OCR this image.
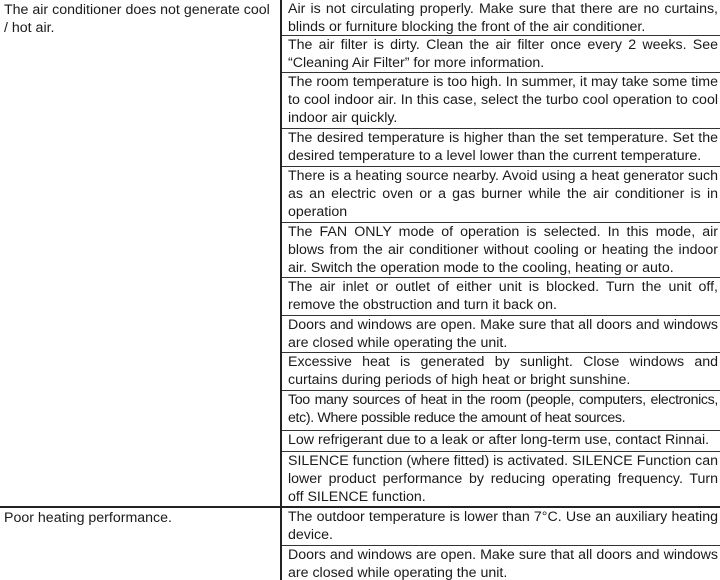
The air conditioner does not generate cool / hot air.
Air is not circulating properly. Make sure that there are no curtains, blinds or furniture blocking the front of the air conditioner.
The air filter is dirty. Clean the air filter once every 2 weeks. See “Cleaning Air Filter” for more information.
The room temperature is too high. In summer, it may take some time to cool indoor air. In this case, select the turbo cool operation to cool indoor air quickly.
The desired temperature is higher than the set temperature. Set the desired temperature to a level lower than the current temperature.
There is a heating source nearby. Avoid using a heat generator such as an electric oven or a gas burner while the air conditioner is in operation
The FAN ONLY mode of operation is selected. In this mode, air blows from the air conditioner without cooling or heating the indoor air. Switch the operation mode to the cooling, heating or auto.
The air inlet or outlet of either unit is blocked. Turn the unit off, remove the obstruction and turn it back on.
Doors and windows are open. Make sure that all doors and windows are closed while operating the unit.
Excessive heat is generated by sunlight. Close windows and curtains during periods of high heat or bright sunshine.
Too many sources of heat in the room (people, computers, electronics, etc). Where possible reduce the amount of heat sources.
Low refrigerant due to a leak or after long-term use, contact Rinnai.
SILENCE function (where fitted) is activated. SILENCE Function can lower product performance by reducing operating frequency. Turn off SILENCE function.
Poor heating performance.	The outdoor temperature is lower than 7°C. Use an auxiliary heating device.
Doors and windows are open. Make sure that all doors and windows are closed while operating the unit.
